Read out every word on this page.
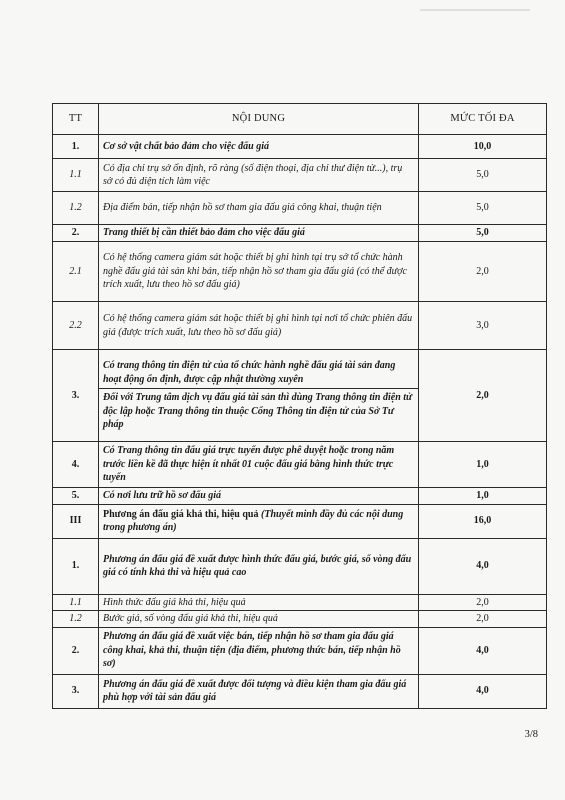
TT	NỘI DUNG	MỨC TỐI ĐA
1.	Cơ sở vật chất bảo đảm cho việc đấu giá	10,0
1.1	Có địa chỉ trụ sở ổn định, rõ ràng (số điện thoại, địa chỉ thư điện tử...), trụ sở có đủ diện tích làm việc	5,0
1.2	Địa điểm bán, tiếp nhận hồ sơ tham gia đấu giá công khai, thuận tiện	5,0
2.	Trang thiết bị cần thiết bảo đảm cho việc đấu giá	5,0
2.1	Có hệ thống camera giám sát hoặc thiết bị ghi hình tại trụ sở tổ chức hành nghề đấu giá tài sản khi bán, tiếp nhận hồ sơ tham gia đấu giá (có thể được trích xuất, lưu theo hồ sơ đấu giá)	2,0
2.2	Có hệ thống camera giám sát hoặc thiết bị ghi hình tại nơi tổ chức phiên đấu giá (được trích xuất, lưu theo hồ sơ đấu giá)	3,0
3.	Có trang thông tin điện tử của tổ chức hành nghề đấu giá tài sản đang hoạt động ổn định, được cập nhật thường xuyên
Đối với Trung tâm dịch vụ đấu giá tài sản thì dùng Trang thông tin điện tử độc lập hoặc Trang thông tin thuộc Cổng Thông tin điện tử của Sở Tư pháp	2,0
4.	Có Trang thông tin đấu giá trực tuyến được phê duyệt hoặc trong năm trước liền kề đã thực hiện ít nhất 01 cuộc đấu giá bằng hình thức trực tuyến	1,0
5.	Có nơi lưu trữ hồ sơ đấu giá	1,0
III	Phương án đấu giá khả thi, hiệu quả (Thuyết minh đầy đủ các nội dung trong phương án)	16,0
1.	Phương án đấu giá đề xuất được hình thức đấu giá, bước giá, số vòng đấu giá có tính khả thi và hiệu quả cao	4,0
1.1	Hình thức đấu giá khả thi, hiệu quả	2,0
1.2	Bước giá, số vòng đấu giá khả thi, hiệu quả	2,0
2.	Phương án đấu giá đề xuất việc bán, tiếp nhận hồ sơ tham gia đấu giá công khai, khả thi, thuận tiện (địa điểm, phương thức bán, tiếp nhận hồ sơ)	4,0
3.	Phương án đấu giá đề xuất được đối tượng và điều kiện tham gia đấu giá phù hợp với tài sản đấu giá	4,0
3/8
